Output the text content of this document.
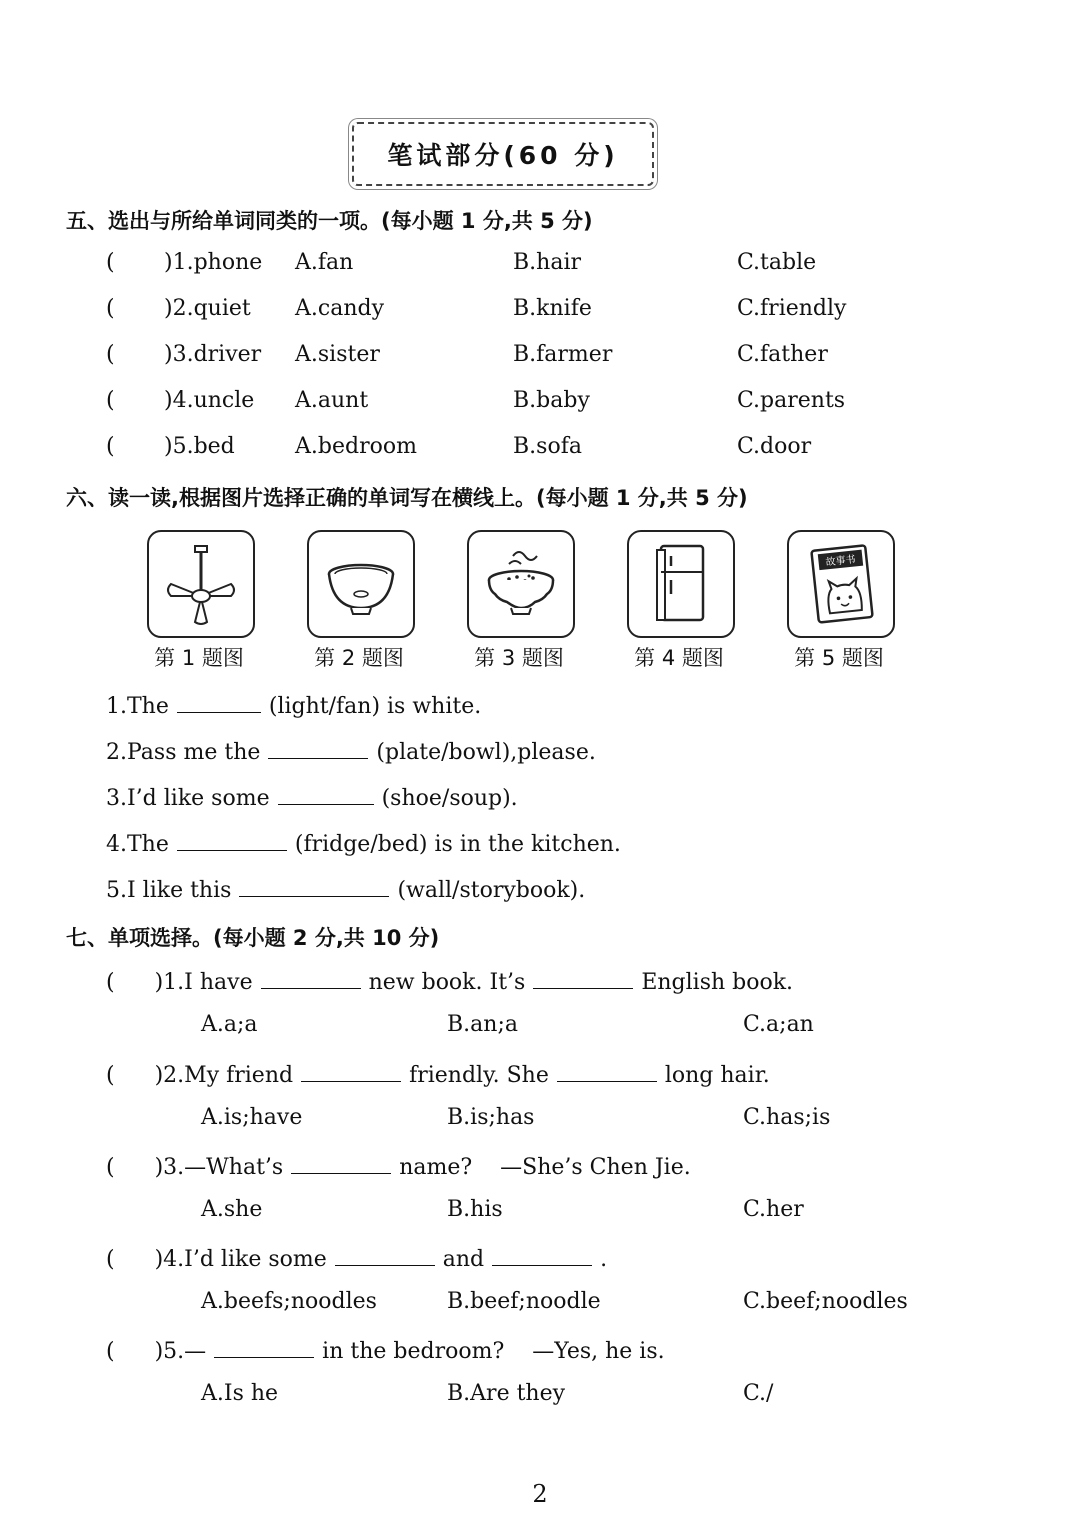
笔试部分(60 分)
五、选出与所给单词同类的一项。(每小题 1 分,共 5 分)
( )1.phone A.fan	B.hair	C.table
( )2.quiet A.candy	B.knife	C.friendly
( )3.driver A.sister	B.farmer	C.father
( )4.uncle A.aunt	B.baby	C.parents
( )5.bed	A.bedroom	B.sofa	C.door
六、读一读,根据图片选择正确的单词写在横线上。(每小题 1 分,共 5 分)
第 1 题图	第 2 题图	第 3 题图	第 4 题图
故事书
第 5 题图
1.The	(light/fan) is white.
2.Pass me the	(plate/bowl),please.
3.I’d like some	(shoe/soup).
4.The	(fridge/bed) is in the kitchen.
5.I like this	(wall/storybook).
七、单项选择。(每小题 2 分,共 10 分)
( )1.I have	new book. It’s	English book.
A.a;a	B.an;a	C.a;an
( )2.My friend	friendly. She	long hair.
A.is;have	B.is;has	C.has;is
( )3.—What’s	name?    —She’s Chen Jie.
A.she	B.his	C.her
( )4.I’d like some	and	.
A.beefs;noodles	B.beef;noodle	C.beef;noodles
( )5.—	in the bedroom?    —Yes, he is.
A.Is he	B.Are they	C./
2
